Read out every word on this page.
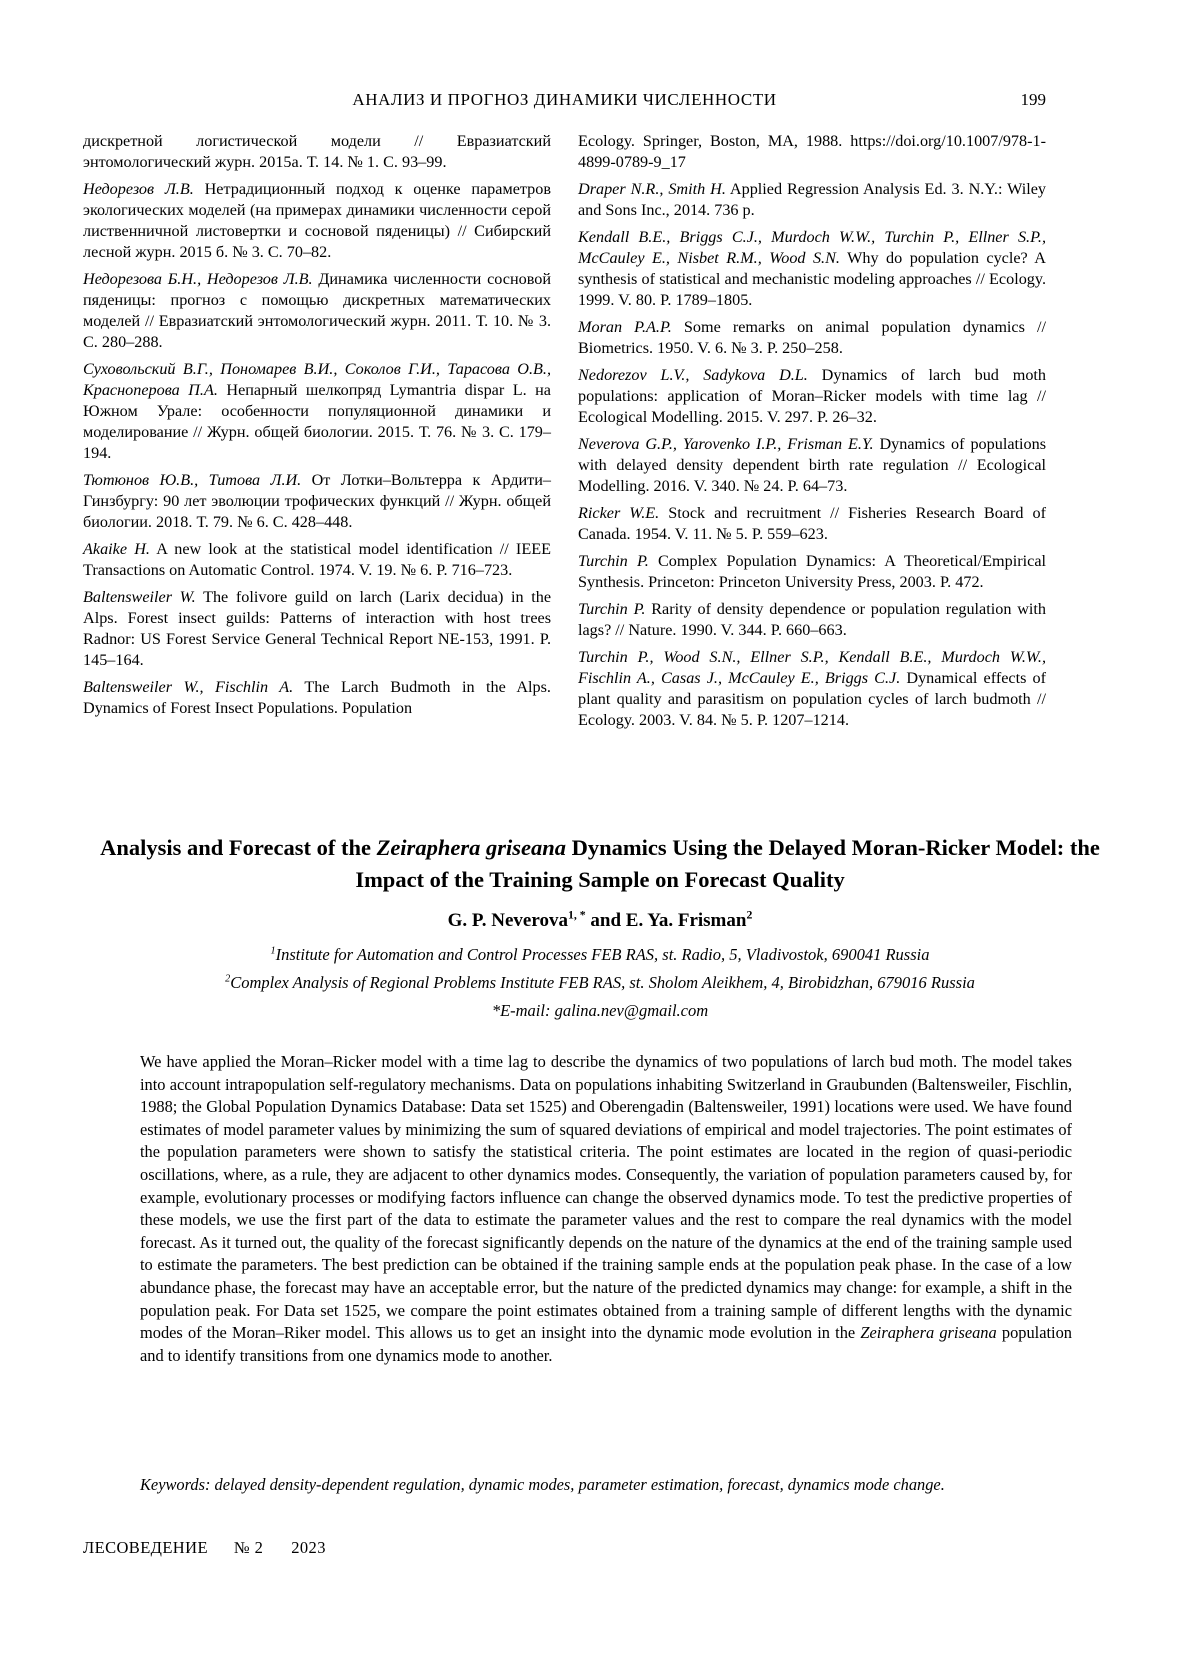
АНАЛИЗ И ПРОГНОЗ ДИНАМИКИ ЧИСЛЕННОСТИ	199

дискретной логистической модели // Евразиатский энтомологический журн. 2015а. Т. 14. № 1. С. 93–99.

Недорезов Л.В. Нетрадиционный подход к оценке параметров экологических моделей (на примерах динамики численности серой лиственничной листовертки и сосновой пяденицы) // Сибирский лесной журн. 2015 б. № 3. С. 70–82.

Недорезова Б.Н., Недорезов Л.В. Динамика численности сосновой пяденицы: прогноз с помощью дискретных математических моделей // Евразиатский энтомологический журн. 2011. Т. 10. № 3. С. 280–288.

Суховольский В.Г., Пономарев В.И., Соколов Г.И., Тарасова О.В., Красноперова П.А. Непарный шелкопряд Lymantria dispar L. на Южном Урале: особенности популяционной динамики и моделирование // Журн. общей биологии. 2015. Т. 76. № 3. С. 179–194.

Тютюнов Ю.В., Титова Л.И. От Лотки–Вольтерра к Ардити–Гинзбургу: 90 лет эволюции трофических функций // Журн. общей биологии. 2018. Т. 79. № 6. С. 428–448.

Akaike H. A new look at the statistical model identification // IEEE Transactions on Automatic Control. 1974. V. 19. № 6. P. 716–723.

Baltensweiler W. The folivore guild on larch (Larix decidua) in the Alps. Forest insect guilds: Patterns of interaction with host trees Radnor: US Forest Service General Technical Report NE-153, 1991. P. 145–164.

Baltensweiler W., Fischlin A. The Larch Budmoth in the Alps. Dynamics of Forest Insect Populations. Population

Ecology. Springer, Boston, MA, 1988. https://doi.org/10.1007/978-1-4899-0789-9_17

Draper N.R., Smith H. Applied Regression Analysis Ed. 3. N.Y.: Wiley and Sons Inc., 2014. 736 p.

Kendall B.E., Briggs C.J., Murdoch W.W., Turchin P., Ellner S.P., McCauley E., Nisbet R.M., Wood S.N. Why do population cycle? A synthesis of statistical and mechanistic modeling approaches // Ecology. 1999. V. 80. P. 1789–1805.

Moran P.A.P. Some remarks on animal population dynamics // Biometrics. 1950. V. 6. № 3. P. 250–258.

Nedorezov L.V., Sadykova D.L. Dynamics of larch bud moth populations: application of Moran–Ricker models with time lag // Ecological Modelling. 2015. V. 297. P. 26–32.

Neverova G.P., Yarovenko I.P., Frisman E.Y. Dynamics of populations with delayed density dependent birth rate regulation // Ecological Modelling. 2016. V. 340. № 24. P. 64–73.

Ricker W.E. Stock and recruitment // Fisheries Research Board of Canada. 1954. V. 11. № 5. P. 559–623.

Turchin P. Complex Population Dynamics: A Theoretical/Empirical Synthesis. Princeton: Princeton University Press, 2003. P. 472.

Turchin P. Rarity of density dependence or population regulation with lags? // Nature. 1990. V. 344. P. 660–663.

Turchin P., Wood S.N., Ellner S.P., Kendall B.E., Murdoch W.W., Fischlin A., Casas J., McCauley E., Briggs C.J. Dynamical effects of plant quality and parasitism on population cycles of larch budmoth // Ecology. 2003. V. 84. № 5. P. 1207–1214.

Analysis and Forecast of the Zeiraphera griseana Dynamics Using the Delayed Moran-Ricker Model: the Impact of the Training Sample on Forecast Quality
G. P. Neverova$^{1, *}$ and E. Ya. Frisman$^2$
$^1$Institute for Automation and Control Processes FEB RAS, st. Radio, 5, Vladivostok, 690041 Russia
$^2$Complex Analysis of Regional Problems Institute FEB RAS, st. Sholom Aleikhem, 4, Birobidzhan, 679016 Russia
*E-mail: galina.nev@gmail.com
We have applied the Moran–Ricker model with a time lag to describe the dynamics of two populations of larch bud moth. The model takes into account intrapopulation self-regulatory mechanisms. Data on populations inhabiting Switzerland in Graubunden (Baltensweiler, Fischlin, 1988; the Global Population Dynamics Database: Data set 1525) and Oberengadin (Baltensweiler, 1991) locations were used. We have found estimates of model parameter values by minimizing the sum of squared deviations of empirical and model trajectories. The point estimates of the population parameters were shown to satisfy the statistical criteria. The point estimates are located in the region of quasi-periodic oscillations, where, as a rule, they are adjacent to other dynamics modes. Consequently, the variation of population parameters caused by, for example, evolutionary processes or modifying factors influence can change the observed dynamics mode. To test the predictive properties of these models, we use the first part of the data to estimate the parameter values and the rest to compare the real dynamics with the model forecast. As it turned out, the quality of the forecast significantly depends on the nature of the dynamics at the end of the training sample used to estimate the parameters. The best prediction can be obtained if the training sample ends at the population peak phase. In the case of a low abundance phase, the forecast may have an acceptable error, but the nature of the predicted dynamics may change: for example, a shift in the population peak. For Data set 1525, we compare the point estimates obtained from a training sample of different lengths with the dynamic modes of the Moran–Riker model. This allows us to get an insight into the dynamic mode evolution in the Zeiraphera griseana population and to identify transitions from one dynamics mode to another.
Keywords: delayed density-dependent regulation, dynamic modes, parameter estimation, forecast, dynamics mode change.
ЛЕСОВЕДЕНИЕ № 2 2023
